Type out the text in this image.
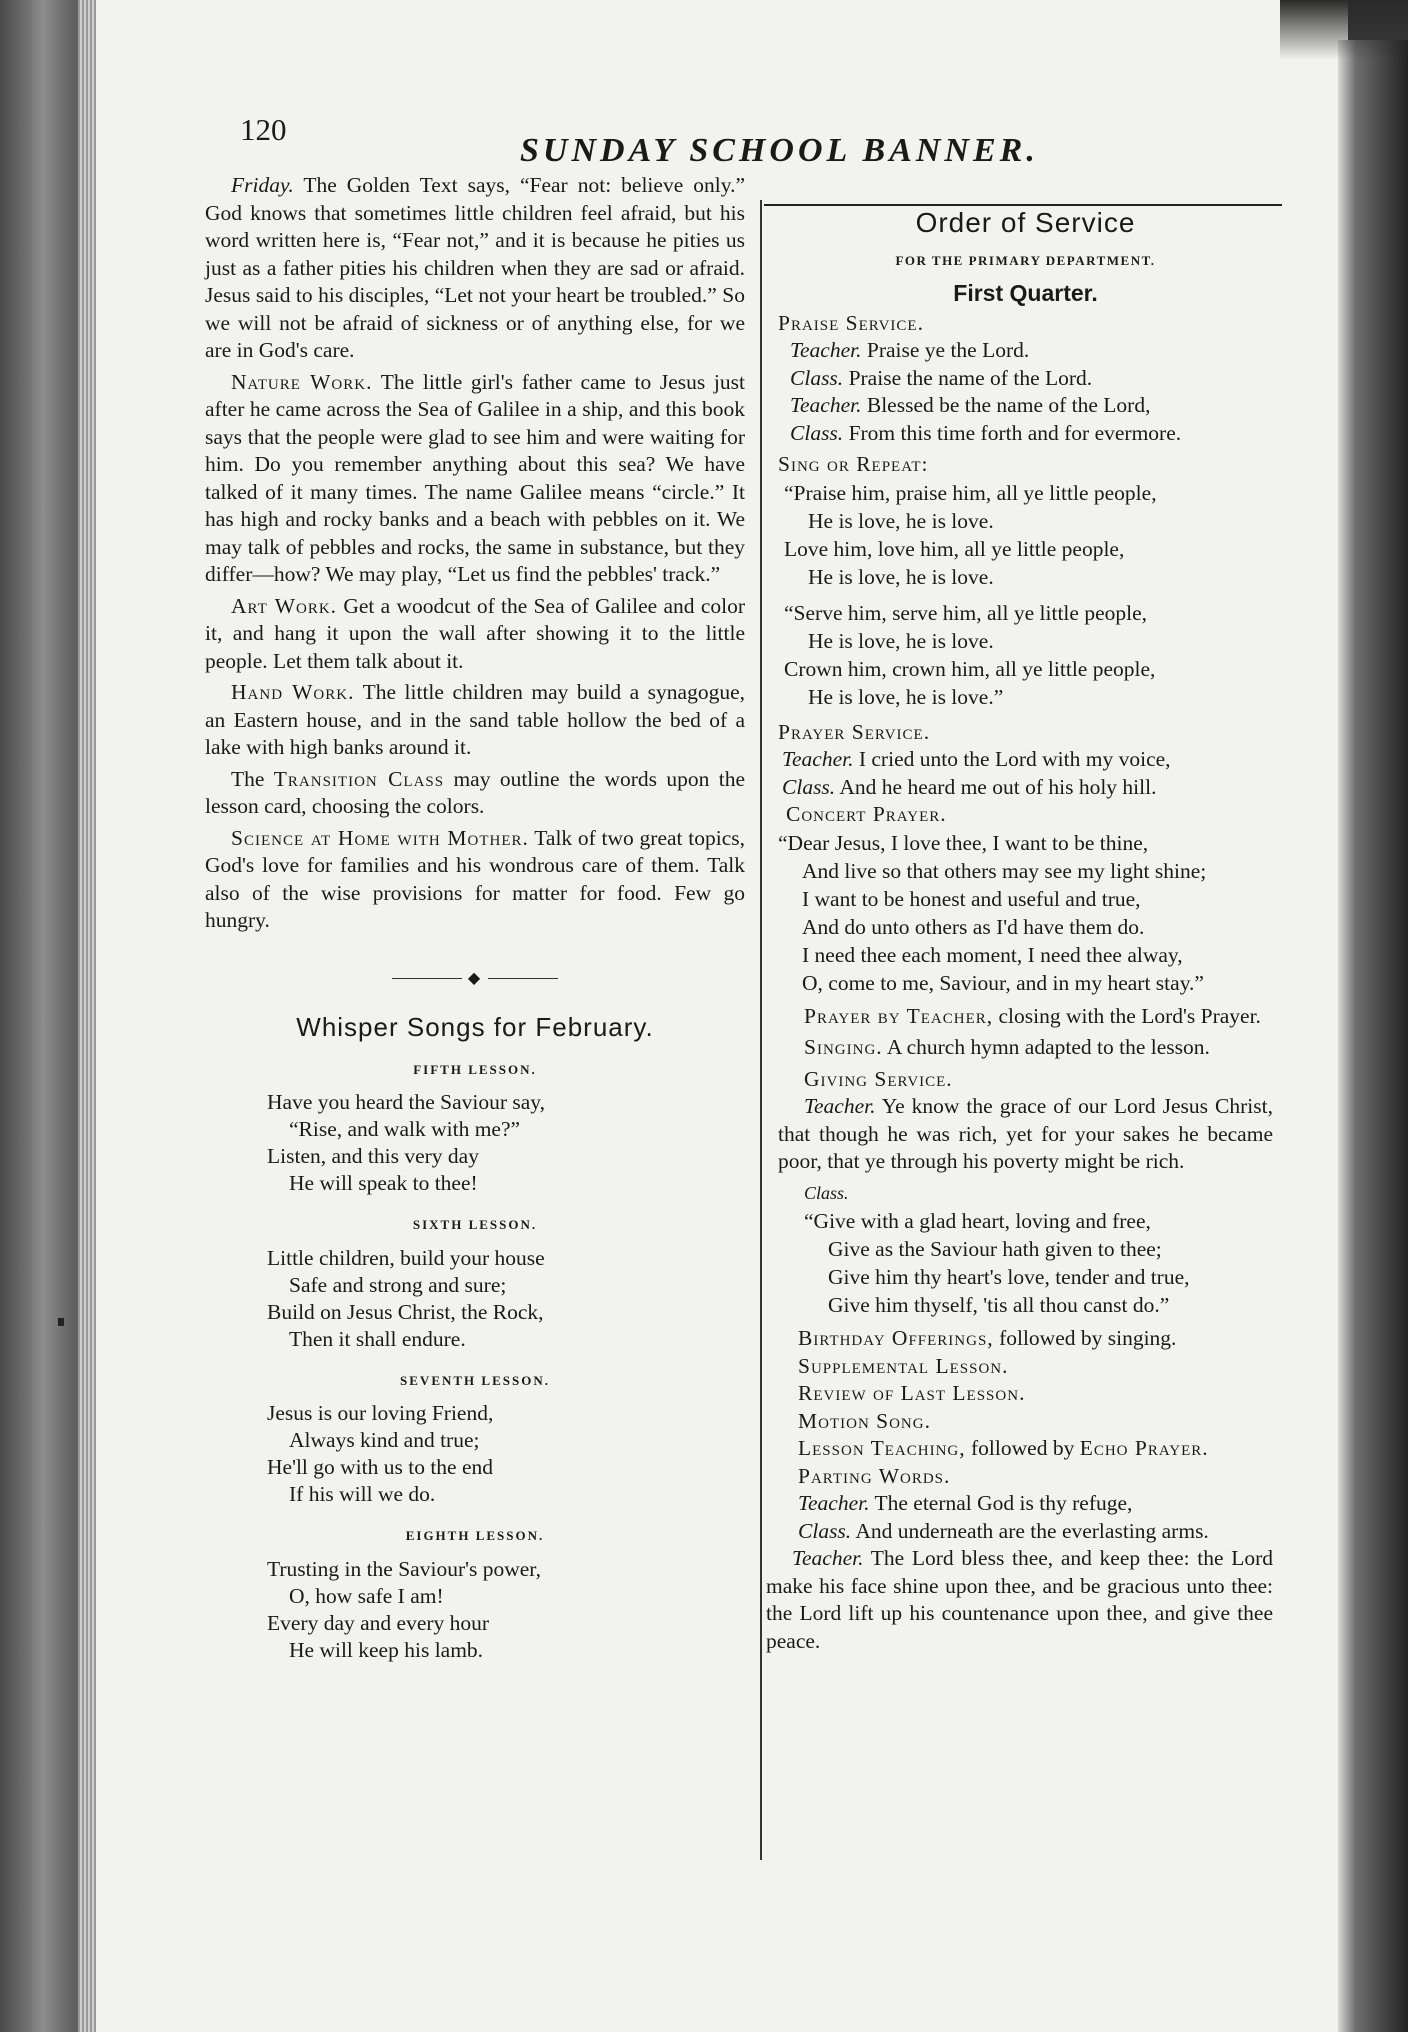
120
SUNDAY SCHOOL BANNER.

Friday. The Golden Text says, “Fear not: believe only.” God knows that sometimes little children feel afraid, but his word written here is, “Fear not,” and it is because he pities us just as a father pities his children when they are sad or afraid. Jesus said to his disciples, “Let not your heart be troubled.” So we will not be afraid of sickness or of anything else, for we are in God's care.

Nature Work. The little girl's father came to Jesus just after he came across the Sea of Galilee in a ship, and this book says that the people were glad to see him and were waiting for him. Do you remember anything about this sea? We have talked of it many times. The name Galilee means “circle.” It has high and rocky banks and a beach with pebbles on it. We may talk of pebbles and rocks, the same in substance, but they differ—how? We may play, “Let us find the pebbles' track.”

Art Work. Get a woodcut of the Sea of Galilee and color it, and hang it upon the wall after showing it to the little people. Let them talk about it.

Hand Work. The little children may build a synagogue, an Eastern house, and in the sand table hollow the bed of a lake with high banks around it.

The Transition Class may outline the words upon the lesson card, choosing the colors.

Science at Home with Mother. Talk of two great topics, God's love for families and his wondrous care of them. Talk also of the wise provisions for matter for food. Few go hungry.

◆
Whisper Songs for February.
FIFTH LESSON.
Have you heard the Saviour say,
“Rise, and walk with me?”
Listen, and this very day
He will speak to thee!
SIXTH LESSON.
Little children, build your house
Safe and strong and sure;
Build on Jesus Christ, the Rock,
Then it shall endure.
SEVENTH LESSON.
Jesus is our loving Friend,
Always kind and true;
He'll go with us to the end
If his will we do.
EIGHTH LESSON.
Trusting in the Saviour's power,
O, how safe I am!
Every day and every hour
He will keep his lamb.
Order of Service
FOR THE PRIMARY DEPARTMENT.
First Quarter.
Praise Service.
Teacher. Praise ye the Lord.
Class. Praise the name of the Lord.
Teacher. Blessed be the name of the Lord,
Class. From this time forth and for evermore.
Sing or Repeat:
“Praise him, praise him, all ye little people,
He is love, he is love.
Love him, love him, all ye little people,
He is love, he is love.
“Serve him, serve him, all ye little people,
He is love, he is love.
Crown him, crown him, all ye little people,
He is love, he is love.”
Prayer Service.
Teacher. I cried unto the Lord with my voice,
Class. And he heard me out of his holy hill.
Concert Prayer.
“Dear Jesus, I love thee, I want to be thine,
And live so that others may see my light shine;
I want to be honest and useful and true,
And do unto others as I'd have them do.
I need thee each moment, I need thee alway,
O, come to me, Saviour, and in my heart stay.”

Prayer by Teacher, closing with the Lord's Prayer.

Singing. A church hymn adapted to the lesson.

Giving Service.

Teacher. Ye know the grace of our Lord Jesus Christ, that though he was rich, yet for your sakes he became poor, that ye through his poverty might be rich.

Class.
“Give with a glad heart, loving and free,
Give as the Saviour hath given to thee;
Give him thy heart's love, tender and true,
Give him thyself, 'tis all thou canst do.”
Birthday Offerings, followed by singing.
Supplemental Lesson.
Review of Last Lesson.
Motion Song.
Lesson Teaching, followed by Echo Prayer.
Parting Words.
Teacher. The eternal God is thy refuge,
Class. And underneath are the everlasting arms.

Teacher. The Lord bless thee, and keep thee: the Lord make his face shine upon thee, and be gracious unto thee: the Lord lift up his countenance upon thee, and give thee peace.
